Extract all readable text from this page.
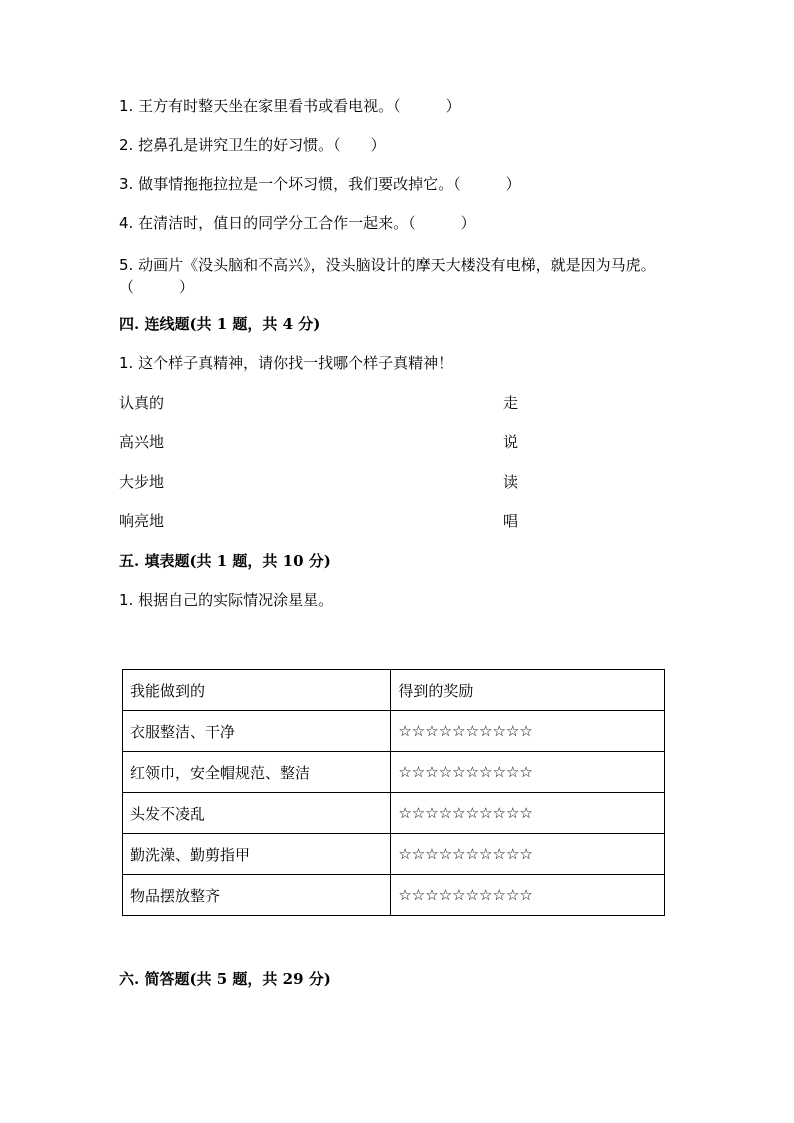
1. 王方有时整天坐在家里看书或看电视。（　　　）
2. 挖鼻孔是讲究卫生的好习惯。（　　）
3. 做事情拖拖拉拉是一个坏习惯，我们要改掉它。（　　　）
4. 在清洁时，值日的同学分工合作一起来。（　　　）
5. 动画片《没头脑和不高兴》，没头脑设计的摩天大楼没有电梯，就是因为马虎。（　　　）
四. 连线题(共 1 题，共 4 分)
1. 这个样子真精神，请你找一找哪个样子真精神！
认真的	走
高兴地	说
大步地	读
响亮地	唱
五. 填表题(共 1 题，共 10 分)
1. 根据自己的实际情况涂星星。
我能做到的	得到的奖励
衣服整洁、干净	☆☆☆☆☆☆☆☆☆☆
红领巾，安全帽规范、整洁	☆☆☆☆☆☆☆☆☆☆
头发不凌乱	☆☆☆☆☆☆☆☆☆☆
勤洗澡、勤剪指甲	☆☆☆☆☆☆☆☆☆☆
物品摆放整齐	☆☆☆☆☆☆☆☆☆☆
六. 简答题(共 5 题，共 29 分)
